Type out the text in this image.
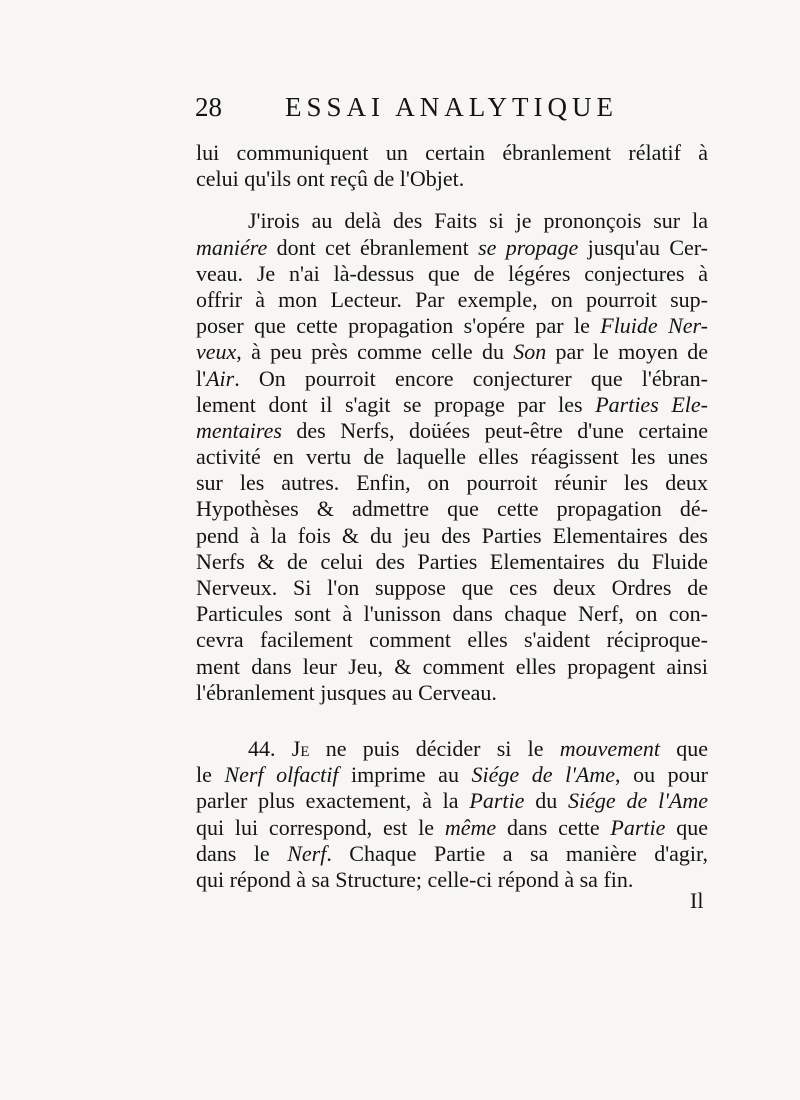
28 ESSAI ANALYTIQUE
lui communiquent un certain ébranlement rélatif à
celui qu'ils ont reçû de l'Objet.
J'irois au delà des Faits si je prononçois sur la
maniére dont cet ébranlement se propage jusqu'au Cer-
veau. Je n'ai là-dessus que de légéres conjectures à
offrir à mon Lecteur. Par exemple, on pourroit sup-
poser que cette propagation s'opére par le Fluide Ner-
veux, à peu près comme celle du Son par le moyen de
l'Air. On pourroit encore conjecturer que l'ébran-
lement dont il s'agit se propage par les Parties Ele-
mentaires des Nerfs, doüées peut-être d'une certaine
activité en vertu de laquelle elles réagissent les unes
sur les autres. Enfin, on pourroit réunir les deux
Hypothèses & admettre que cette propagation dé-
pend à la fois & du jeu des Parties Elementaires des
Nerfs & de celui des Parties Elementaires du Fluide
Nerveux. Si l'on suppose que ces deux Ordres de
Particules sont à l'unisson dans chaque Nerf, on con-
cevra facilement comment elles s'aident réciproque-
ment dans leur Jeu, & comment elles propagent ainsi
l'ébranlement jusques au Cerveau.
44. Je ne puis décider si le mouvement que
le Nerf olfactif imprime au Siége de l'Ame, ou pour
parler plus exactement, à la Partie du Siége de l'Ame
qui lui correspond, est le même dans cette Partie que
dans le Nerf. Chaque Partie a sa manière d'agir,
qui répond à sa Structure; celle-ci répond à sa fin.
Il
